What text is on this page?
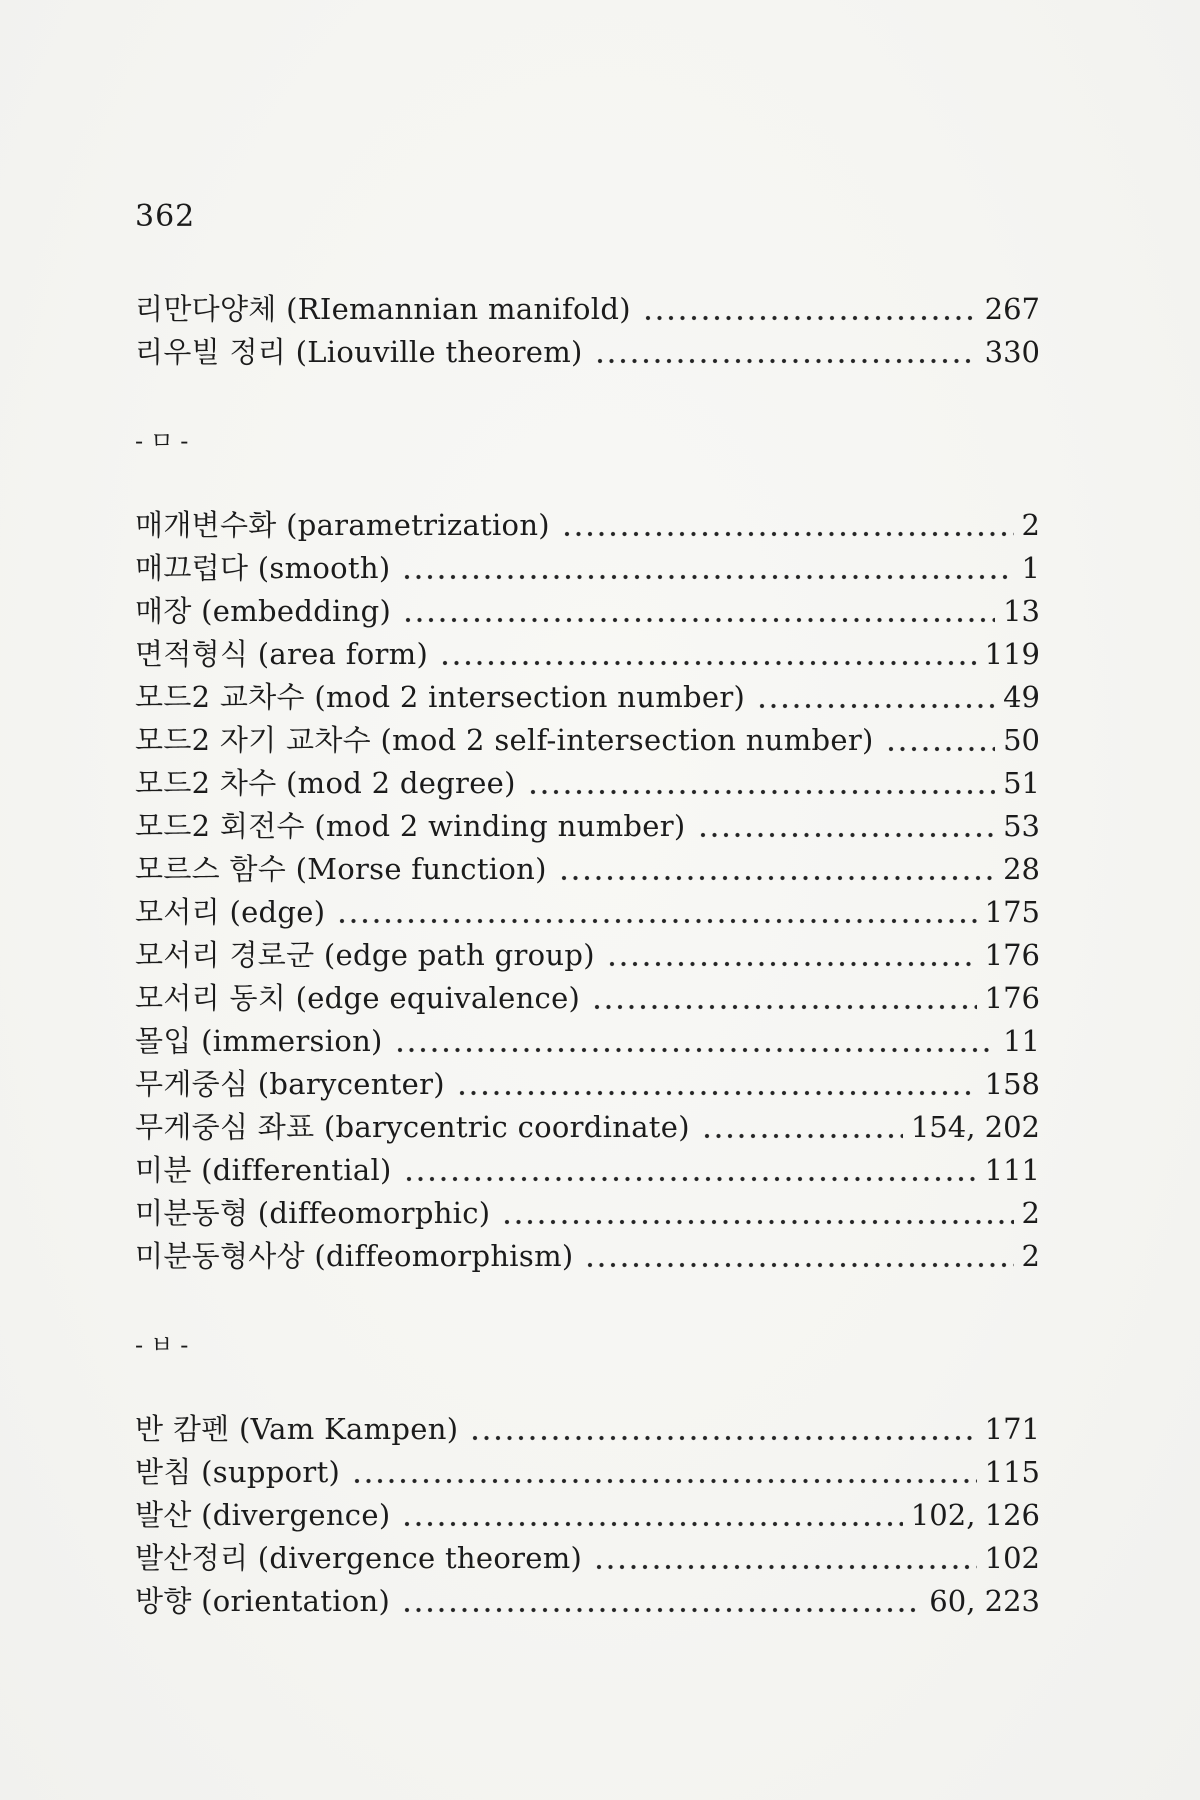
362
리만다양체 (RIemannian manifold)	267
리우빌 정리 (Liouville theorem)	330
-ㅁ-
매개변수화 (parametrization)	2
매끄럽다 (smooth)	1
매장 (embedding)	13
면적형식 (area form)	119
모드2 교차수 (mod 2 intersection number)	49
모드2 자기 교차수 (mod 2 self-intersection number)	50
모드2 차수 (mod 2 degree)	51
모드2 회전수 (mod 2 winding number)	53
모르스 함수 (Morse function)	28
모서리 (edge)	175
모서리 경로군 (edge path group)	176
모서리 동치 (edge equivalence)	176
몰입 (immersion)	11
무게중심 (barycenter)	158
무게중심 좌표 (barycentric coordinate)	154, 202
미분 (differential)	111
미분동형 (diffeomorphic)	2
미분동형사상 (diffeomorphism)	2
-ㅂ-
반 캄펜 (Vam Kampen)	171
받침 (support)	115
발산 (divergence)	102, 126
발산정리 (divergence theorem)	102
방향 (orientation)	60, 223
